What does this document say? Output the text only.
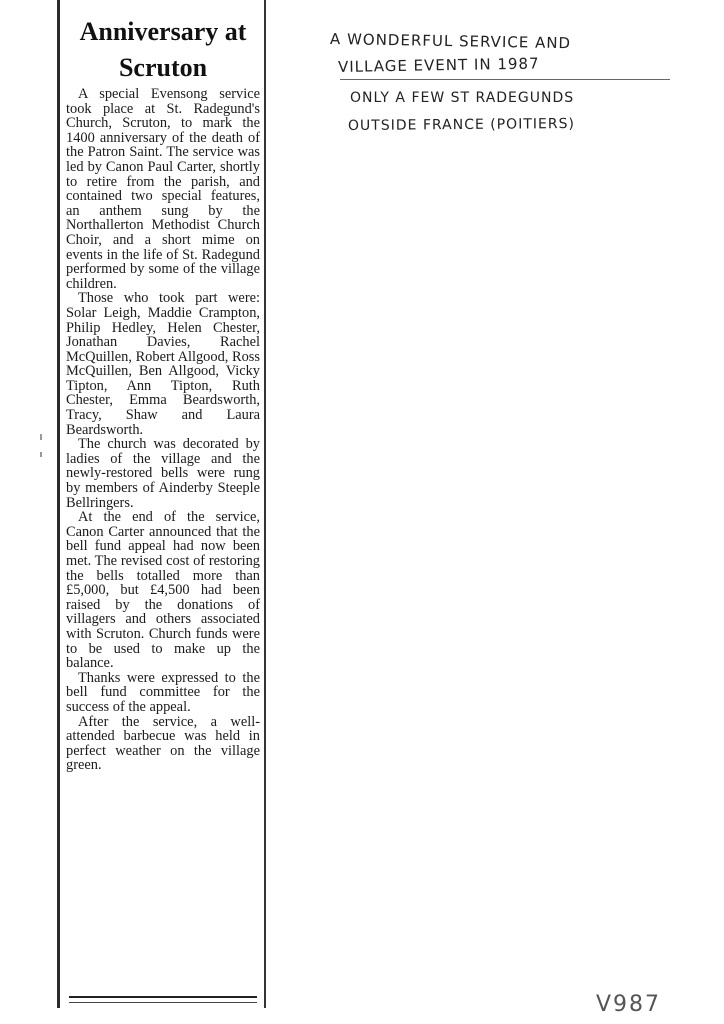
Anniversary at Scruton

A special Evensong service took place at St. Radegund's Church, Scruton, to mark the 1400 anniversary of the death of the Patron Saint. The service was led by Canon Paul Carter, shortly to retire from the parish, and contained two special features, an anthem sung by the Northallerton Methodist Church Choir, and a short mime on events in the life of St. Radegund performed by some of the village children.

Those who took part were: Solar Leigh, Maddie Crampton, Philip Hedley, Helen Chester, Jonathan Davies, Rachel McQuillen, Robert Allgood, Ross McQuillen, Ben Allgood, Vicky Tipton, Ann Tipton, Ruth Chester, Emma Beardsworth, Tracy, Shaw and Laura Beardsworth.

The church was decorated by ladies of the village and the newly-restored bells were rung by members of Ainderby Steeple Bellringers.

At the end of the service, Canon Carter announced that the bell fund appeal had now been met. The revised cost of restoring the bells totalled more than £5,000, but £4,500 had been raised by the donations of villagers and others associated with Scruton. Church funds were to be used to make up the balance.

Thanks were expressed to the bell fund committee for the success of the appeal.

After the service, a well-attended barbecue was held in perfect weather on the village green.

A WONDERFUL SERVICE AND
VILLAGE EVENT IN 1987
ONLY A FEW ST RADEGUNDS
OUTSIDE FRANCE (POITIERS)
V987
